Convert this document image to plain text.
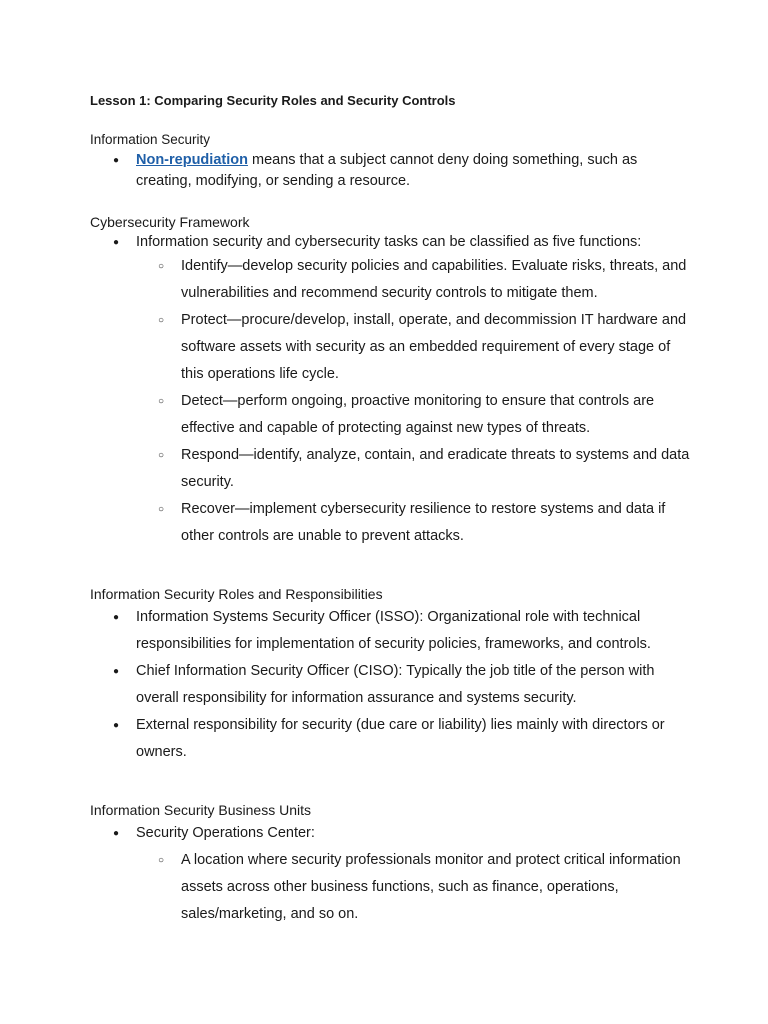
Lesson 1: Comparing Security Roles and Security Controls

Information Security

● Non-repudiation means that a subject cannot deny doing something, such as creating, modifying, or sending a resource.

Cybersecurity Framework

● Information security and cybersecurity tasks can be classified as five functions:
○ Identify—develop security policies and capabilities. Evaluate risks, threats, and vulnerabilities and recommend security controls to mitigate them.
○ Protect—procure/develop, install, operate, and decommission IT hardware and software assets with security as an embedded requirement of every stage of this operations life cycle.
○ Detect—perform ongoing, proactive monitoring to ensure that controls are effective and capable of protecting against new types of threats.
○ Respond—identify, analyze, contain, and eradicate threats to systems and data security.
○ Recover—implement cybersecurity resilience to restore systems and data if other controls are unable to prevent attacks.

Information Security Roles and Responsibilities

● Information Systems Security Officer (ISSO): Organizational role with technical responsibilities for implementation of security policies, frameworks, and controls.
● Chief Information Security Officer (CISO): Typically the job title of the person with overall responsibility for information assurance and systems security.
● External responsibility for security (due care or liability) lies mainly with directors or owners.

Information Security Business Units

● Security Operations Center:
○ A location where security professionals monitor and protect critical information assets across other business functions, such as finance, operations, sales/marketing, and so on.
